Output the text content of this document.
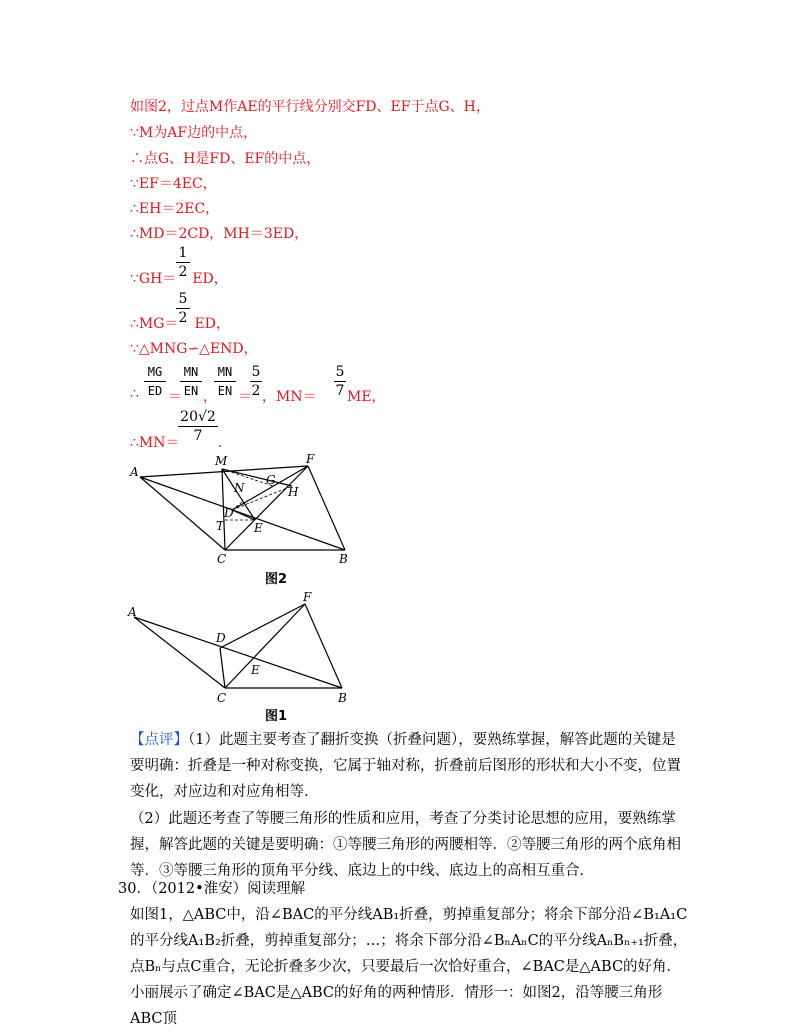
如图2，过点M作AE的平行线分别交FD、EF于点G、H，
∵M为AF边的中点，
∴点G、H是FD、EF的中点，
∵EF＝4EC，
∴EH＝2EC，
∴MD＝2CD，MH＝3ED，
∵GH＝ ED，
1
2
∴MG＝ ED，
5
2
∵△MNG∽△END，
∴
MG
ED ＝
MN
EN ，
MN
EN ＝
5
2 ，MN＝
5
7 ME，
∴MN＝
20√2
7	．
A
M	F
N
G
H
D
T E
C	B
图2
A
D
F
E
C	B
图1
【点评】（1）此题主要考查了翻折变换（折叠问题），要熟练掌握，解答此题的关键是要明确：折叠是一种对称变换，它属于轴对称，折叠前后图形的形状和大小不变，位置变化，对应边和对应角相等．
（2）此题还考查了等腰三角形的性质和应用，考查了分类讨论思想的应用，要熟练掌握，解答此题的关键是要明确：①等腰三角形的两腰相等．②等腰三角形的两个底角相等．③等腰三角形的顶角平分线、底边上的中线、底边上的高相互重合．
30．（2012•淮安）阅读理解
如图1，△ABC中，沿∠BAC的平分线AB₁折叠，剪掉重复部分；将余下部分沿∠B₁A₁C的平分线A₁B₂折叠，剪掉重复部分；…；将余下部分沿∠BₙAₙC的平分线AₙBₙ₊₁折叠，点Bₙ与点C重合，无论折叠多少次，只要最后一次恰好重合，∠BAC是△ABC的好角．
小丽展示了确定∠BAC是△ABC的好角的两种情形．情形一：如图2，沿等腰三角形ABC顶
